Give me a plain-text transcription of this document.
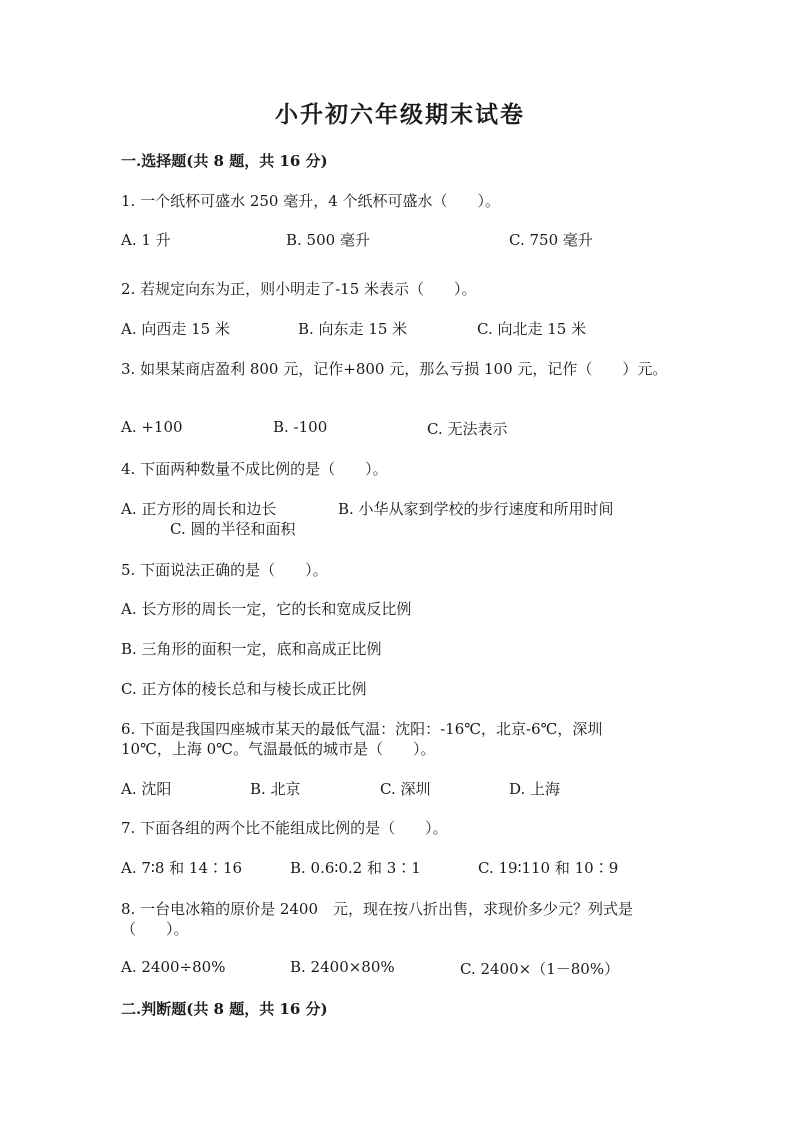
小升初六年级期末试卷
一.选择题(共 8 题，共 16 分)
1. 一个纸杯可盛水 250 毫升，4 个纸杯可盛水（　　）。
A. 1 升	B. 500 毫升	C. 750 毫升
2. 若规定向东为正，则小明走了-15 米表示（　　）。
A. 向西走 15 米	B. 向东走 15 米	C. 向北走 15 米
3. 如果某商店盈利 800 元，记作+800 元，那么亏损 100 元，记作（　　）元。
A. +100	B. -100	C. 无法表示
4. 下面两种数量不成比例的是（　　）。
A. 正方形的周长和边长	B. 小华从家到学校的步行速度和所用时间
C. 圆的半径和面积
5. 下面说法正确的是（　　）。
A. 长方形的周长一定，它的长和宽成反比例
B. 三角形的面积一定，底和高成正比例
C. 正方体的棱长总和与棱长成正比例
6. 下面是我国四座城市某天的最低气温：沈阳：-16℃，北京-6℃，深圳
10℃，上海 0℃。气温最低的城市是（　　）。
A. 沈阳	B. 北京	C. 深圳	D. 上海
7. 下面各组的两个比不能组成比例的是（　　）。
A. 7∶8 和 14∶16	B. 0.6∶0.2 和 3∶1	C. 19∶110 和 10∶9
8. 一台电冰箱的原价是 2400　元，现在按八折出售，求现价多少元？列式是
（　　）。
A. 2400÷80%	B. 2400×80%	C. 2400×（1－80%）
二.判断题(共 8 题，共 16 分)
